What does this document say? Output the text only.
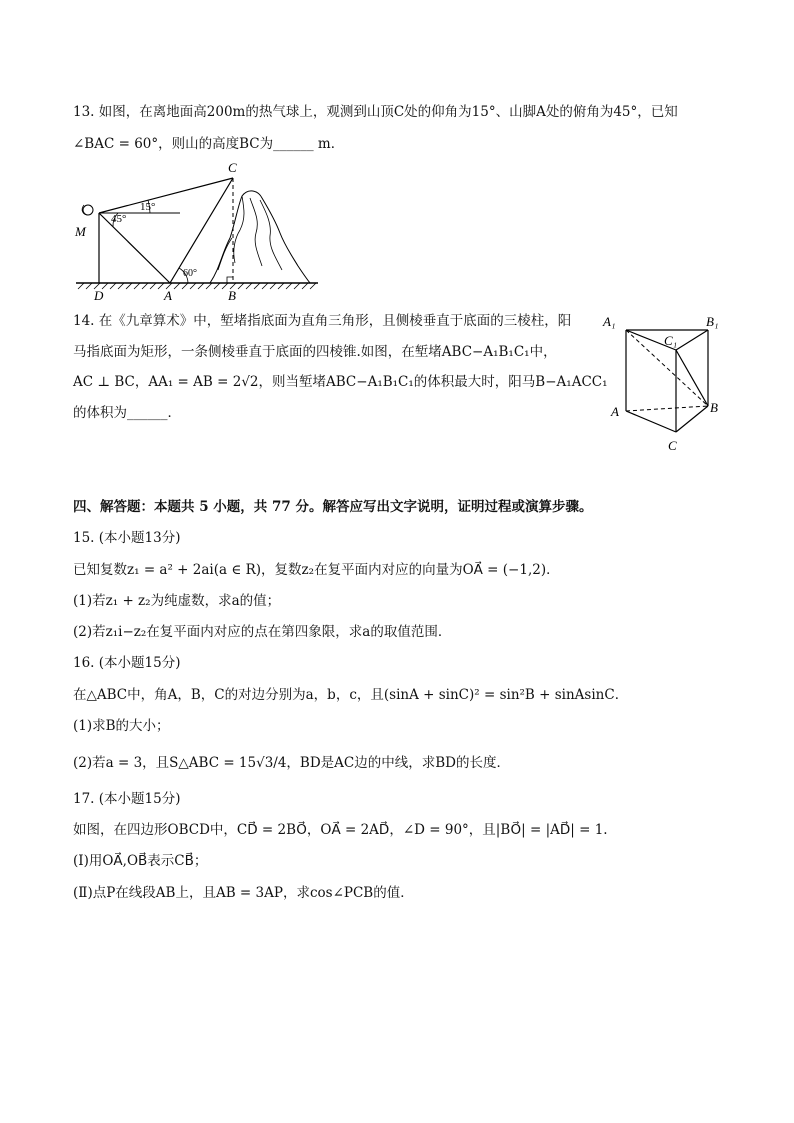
13. 如图，在离地面高200m的热气球上，观测到山顶C处的仰角为15°、山脚A处的俯角为45°，已知
∠BAC = 60°，则山的高度BC为______ m．
C
M
D	A	B
15°
45°
60°
14. 在《九章算术》中，堑堵指底面为直角三角形，且侧棱垂直于底面的三棱柱，阳
马指底面为矩形，一条侧棱垂直于底面的四棱锥.如图，在堑堵ABC−A₁B₁C₁中，
AC ⊥ BC，AA₁ = AB = 2√2，则当堑堵ABC−A₁B₁C₁的体积最大时，阳马B−A₁ACC₁
的体积为______．
A₁	B₁
C₁
A	B
C
四、解答题：本题共 5 小题，共 77 分。解答应写出文字说明，证明过程或演算步骤。
15. (本小题13分)
已知复数z₁ = a² + 2ai(a ∈ R)，复数z₂在复平面内对应的向量为OA⃗ = (−1,2)．
(1)若z₁ + z₂为纯虚数，求a的值；
(2)若z₁i−z₂在复平面内对应的点在第四象限，求a的取值范围．
16. (本小题15分)
在△ABC中，角A，B，C的对边分别为a，b，c，且(sinA + sinC)² = sin²B + sinAsinC．
(1)求B的大小；
(2)若a = 3，且S△ABC = 15√3/4，BD是AC边的中线，求BD的长度．
17. (本小题15分)
如图，在四边形OBCD中，CD⃗ = 2BO⃗，OA⃗ = 2AD⃗，∠D = 90°，且|BO⃗| = |AD⃗| = 1.
(Ⅰ)用OA⃗,OB⃗表示CB⃗；
(Ⅱ)点P在线段AB上，且AB = 3AP，求cos∠PCB的值．
